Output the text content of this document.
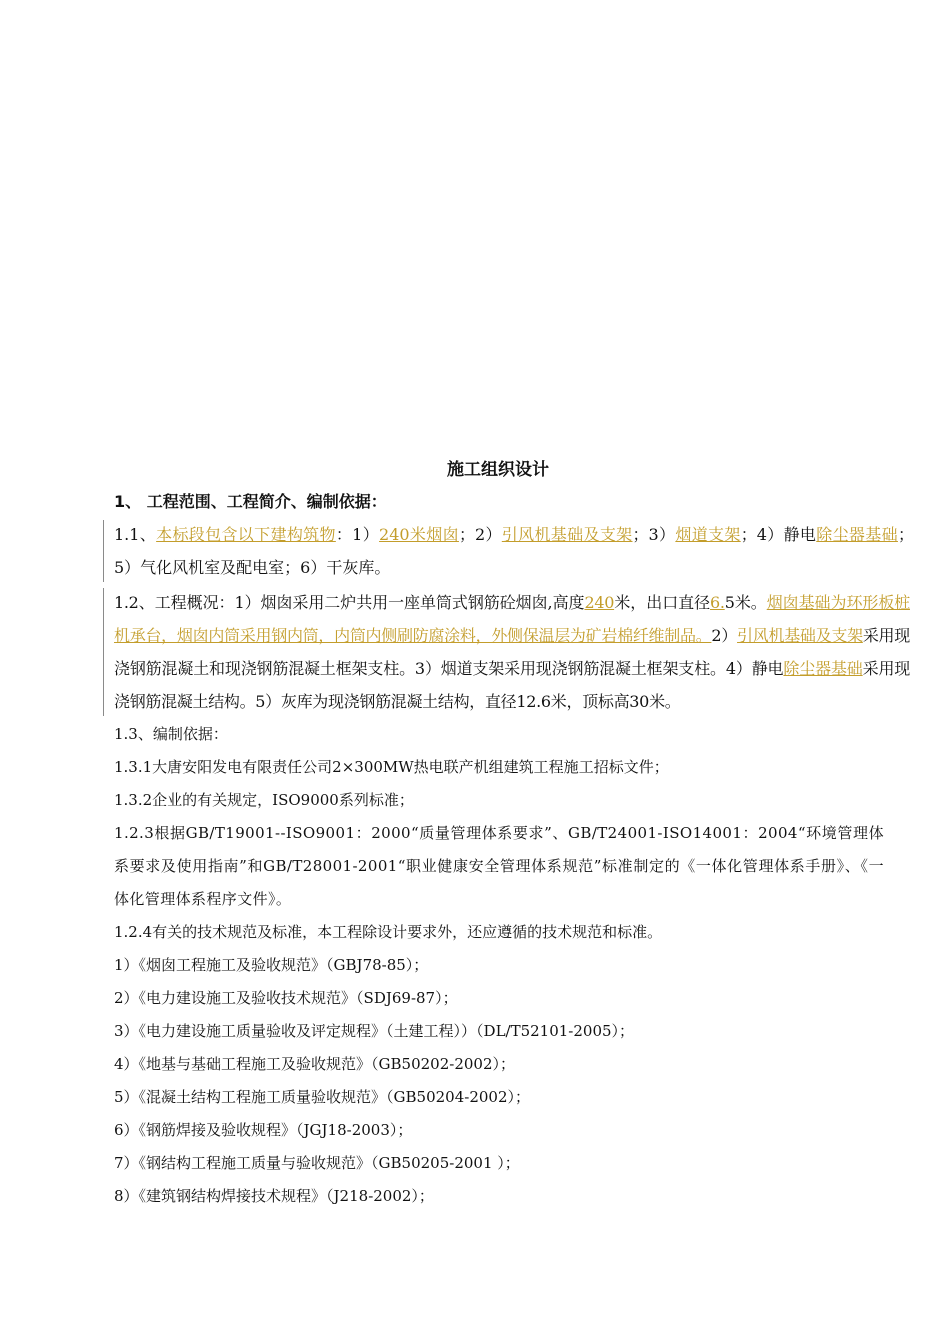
施工组织设计

1、 工程范围、工程简介、编制依据：

1.1、本标段包含以下建构筑物：1）240米烟囱；2）引风机基础及支架；3）烟道支架；4）静电除尘器基础；5）气化风机室及配电室；6）干灰库。

1.2、工程概况：1）烟囱采用二炉共用一座单筒式钢筋砼烟囱,高度240米，出口直径6.5米。烟囱基础为环形板桩机承台，烟囱内筒采用钢内筒，内筒内侧刷防腐涂料，外侧保温层为矿岩棉纤维制品。2）引风机基础及支架采用现浇钢筋混凝土和现浇钢筋混凝土框架支柱。3）烟道支架采用现浇钢筋混凝土框架支柱。4）静电除尘器基础采用现浇钢筋混凝土结构。5）灰库为现浇钢筋混凝土结构，直径12.6米，顶标高30米。

1.3、编制依据：

1.3.1大唐安阳发电有限责任公司2×300MW热电联产机组建筑工程施工招标文件；

1.3.2企业的有关规定，ISO9000系列标准；

1.2.3根据GB/T19001--ISO9001：2000“质量管理体系要求”、GB/T24001-ISO14001：2004“环境管理体系要求及使用指南”和GB/T28001-2001“职业健康安全管理体系规范”标准制定的《一体化管理体系手册》、《一体化管理体系程序文件》。

1.2.4有关的技术规范及标准，本工程除设计要求外，还应遵循的技术规范和标准。

1）《烟囱工程施工及验收规范》（GBJ78-85）；

2）《电力建设施工及验收技术规范》（SDJ69-87）；

3）《电力建设施工质量验收及评定规程》（土建工程））（DL/T52101-2005）；

4）《地基与基础工程施工及验收规范》（GB50202-2002）；

5）《混凝土结构工程施工质量验收规范》（GB50204-2002）；

6）《钢筋焊接及验收规程》（JGJ18-2003）；

7）《钢结构工程施工质量与验收规范》（GB50205-2001 ）；

8）《建筑钢结构焊接技术规程》（J218-2002）；
